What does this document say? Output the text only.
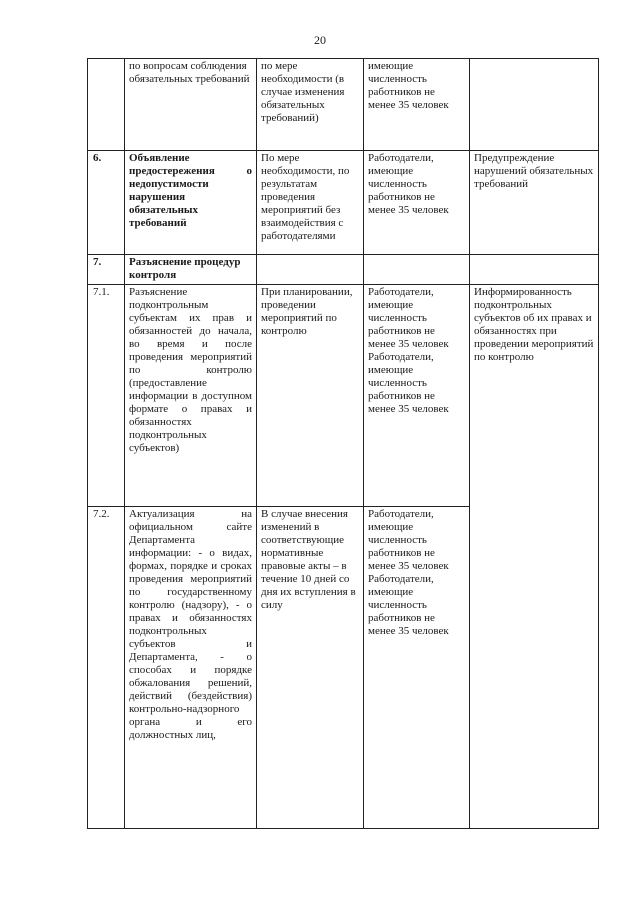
20
	по вопросам соблюдения обязательных требований	по мере необходимости (в случае изменения обязательных требований)	имеющие численность работников не менее 35 человек	
6.	Объявление предостережения о недопустимости нарушения обязательных требований	По мере необходимости, по результатам проведения мероприятий без взаимодействия с работодателями	Работодатели, имеющие численность работников не менее 35 человек	Предупреждение нарушений обязательных требований
7.	Разъяснение процедур контроля			
7.1.	Разъяснение подконтрольным субъектам их прав и обязанностей до начала, во время и после проведения мероприятий по контролю (предоставление информации в доступном формате о правах и обязанностях подконтрольных субъектов)	При планировании, проведении мероприятий по контролю	Работодатели, имеющие численность работников не менее 35 человек Работодатели, имеющие численность работников не менее 35 человек	Информированность подконтрольных субъектов об их правах и обязанностях при проведении мероприятий по контролю
7.2.	Актуализация на официальном сайте Департамента информации: - о видах, формах, порядке и сроках проведения мероприятий по государственному контролю (надзору), - о правах и обязанностях подконтрольных субъектов и Департамента, - о способах и порядке обжалования решений, действий (бездействия) контрольно-надзорного органа и его должностных лиц,	В случае внесения изменений в соответствующие нормативные правовые акты – в течение 10 дней со дня их вступления в силу	Работодатели, имеющие численность работников не менее 35 человек Работодатели, имеющие численность работников не менее 35 человек	
